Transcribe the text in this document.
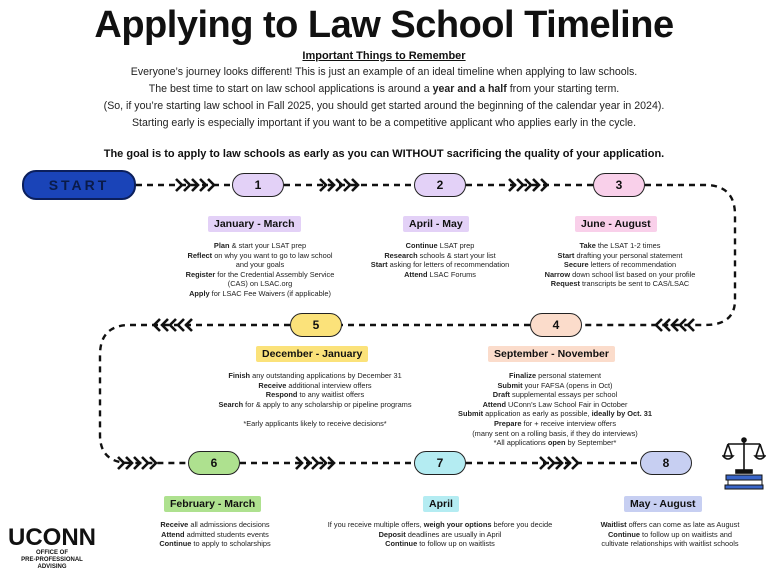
Applying to Law School Timeline
Important Things to Remember
Everyone’s journey looks different! This is just an example of an ideal timeline when applying to law schools.
The best time to start on law school applications is around a year and a half from your starting term.
(So, if you’re starting law school in Fall 2025, you should get started around the beginning of the calendar year in 2024).
Starting early is especially important if you want to be a competitive applicant who applies early in the cycle.
The goal is to apply to law schools as early as you can WITHOUT sacrificing the quality of your application.
START	1	2	3
4
5
6	7	8
January - March	April - May	June - August
September - November
December - January
February - March	April	May - August
Plan & start your LSAT prep
Reflect on why you want to go to law school
and your goals
Register for the Credential Assembly Service
(CAS) on LSAC.org
Apply for LSAC Fee Waivers (if applicable)
Continue LSAT prep
Research schools & start your list
Start asking for letters of recommendation
Attend LSAC Forums
Take the LSAT 1-2 times
Start drafting your personal statement
Secure letters of recommendation
Narrow down school list based on your profile
Request transcripts be sent to CAS/LSAC
Finalize personal statement
Submit your FAFSA (opens in Oct)
Draft supplemental essays per school
Attend UConn’s Law School Fair in October
Submit application as early as possible, ideally by Oct. 31
Prepare for + receive interview offers
(many sent on a rolling basis, if they do interviews)
*All applications open by September*
Finish any outstanding applications by December 31
Receive additional interview offers
Respond to any waitlist offers
Search for & apply to any scholarship or pipeline programs

*Early applicants likely to receive decisions*
Receive all admissions decisions
Attend admitted students events
Continue to apply to scholarships
If you receive multiple offers, weigh your options before you decide
Deposit deadlines are usually in April
Continue to follow up on waitlists
Waitlist offers can come as late as August
Continue to follow up on waitlists and
cultivate relationships with waitlist schools
UCONN
OFFICE OF
PRE-PROFESSIONAL
ADVISING
